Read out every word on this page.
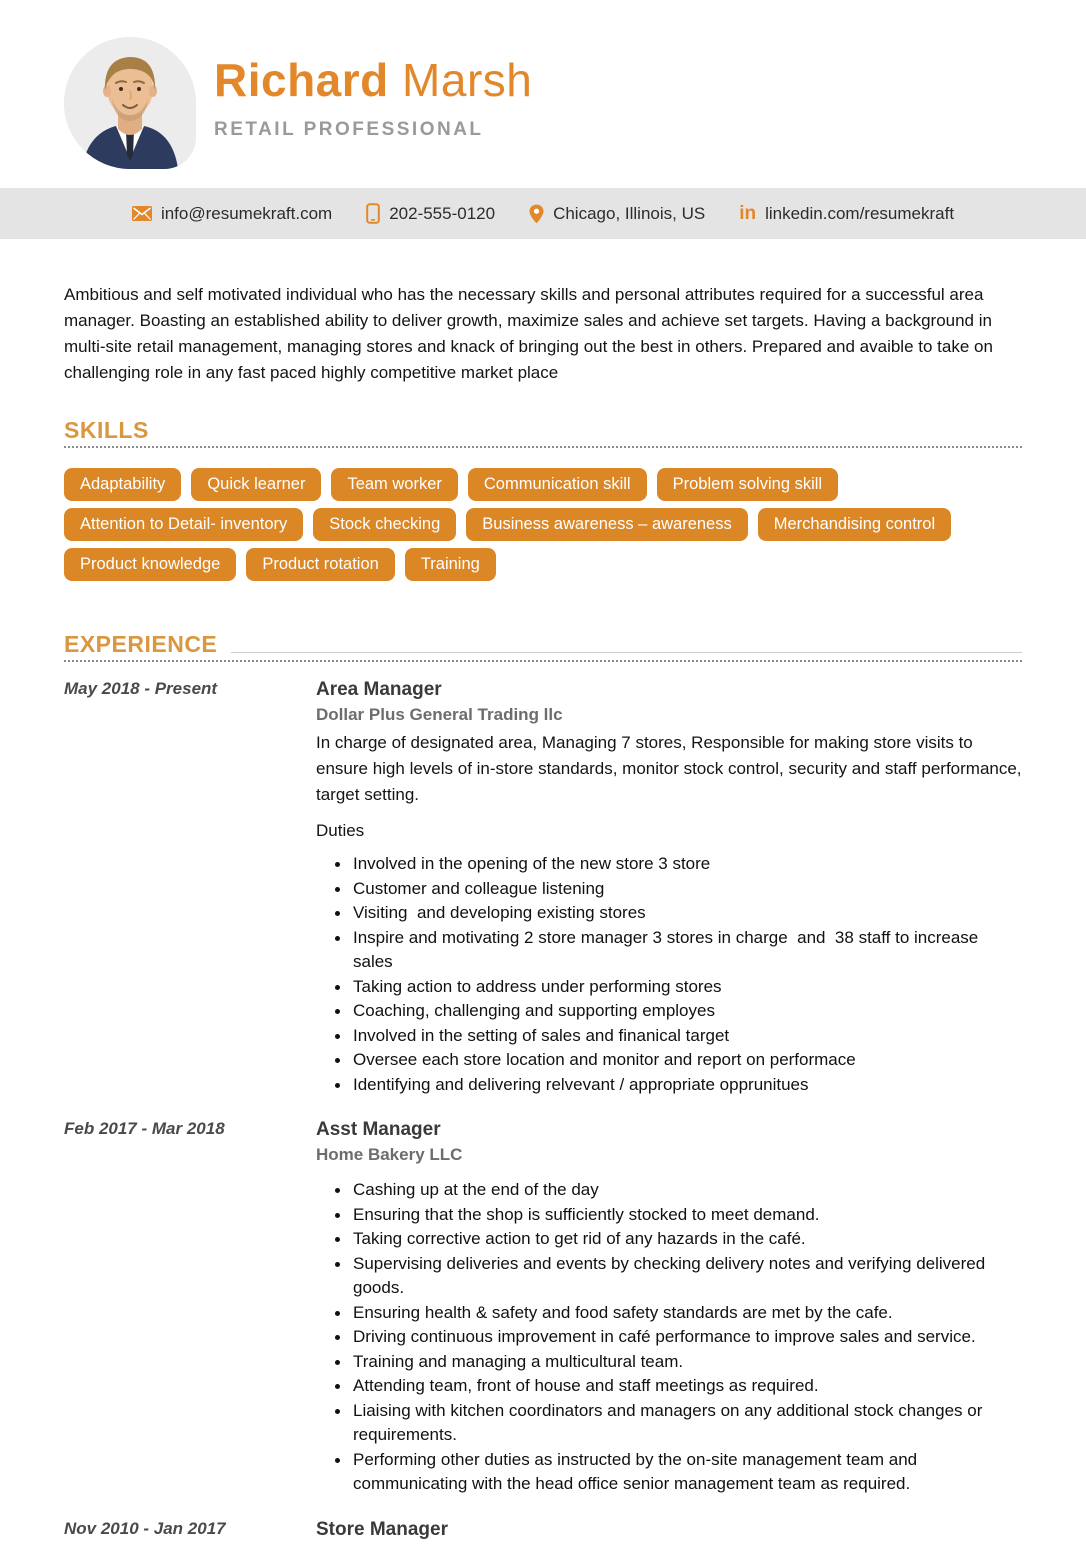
Richard Marsh
RETAIL PROFESSIONAL
info@resumekraft.com	202-555-0120	Chicago, Illinois, US in linkedin.com/resumekraft

Ambitious and self motivated individual who has the necessary skills and personal attributes required for a successful area manager. Boasting an established ability to deliver growth, maximize sales and achieve set targets. Having a background in multi-site retail management, managing stores and knack of bringing out the best in others. Prepared and avaible to take on challenging role in any fast paced highly competitive market place

SKILLS
Adaptability	Quick learner	Team worker	Communication skill	Problem solving skill
Attention to Detail- inventory	Stock checking	Business awareness – awareness	Merchandising control
Product knowledge	Product rotation	Training
EXPERIENCE
May 2018 - Present	Area Manager
Dollar Plus General Trading llc
In charge of designated area, Managing 7 stores, Responsible for making store visits to ensure high levels of in-store standards, monitor stock control, security and staff performance, target setting.
Duties
Involved in the opening of the new store 3 store
Customer and colleague listening
Visiting  and developing existing stores
Inspire and motivating 2 store manager 3 stores in charge  and  38 staff to increase sales
Taking action to address under performing stores
Coaching, challenging and supporting employes
Involved in the setting of sales and finanical target
Oversee each store location and monitor and report on performace
Identifying and delivering relvevant / appropriate opprunitues
Feb 2017 - Mar 2018	Asst Manager
Home Bakery LLC
Cashing up at the end of the day
Ensuring that the shop is sufficiently stocked to meet demand.
Taking corrective action to get rid of any hazards in the café.
Supervising deliveries and events by checking delivery notes and verifying delivered goods.
Ensuring health & safety and food safety standards are met by the cafe.
Driving continuous improvement in café performance to improve sales and service.
Training and managing a multicultural team.
Attending team, front of house and staff meetings as required.
Liaising with kitchen coordinators and managers on any additional stock changes or requirements.
Performing other duties as instructed by the on-site management team and communicating with the head office senior management team as required.
Nov 2010 - Jan 2017	Store Manager
